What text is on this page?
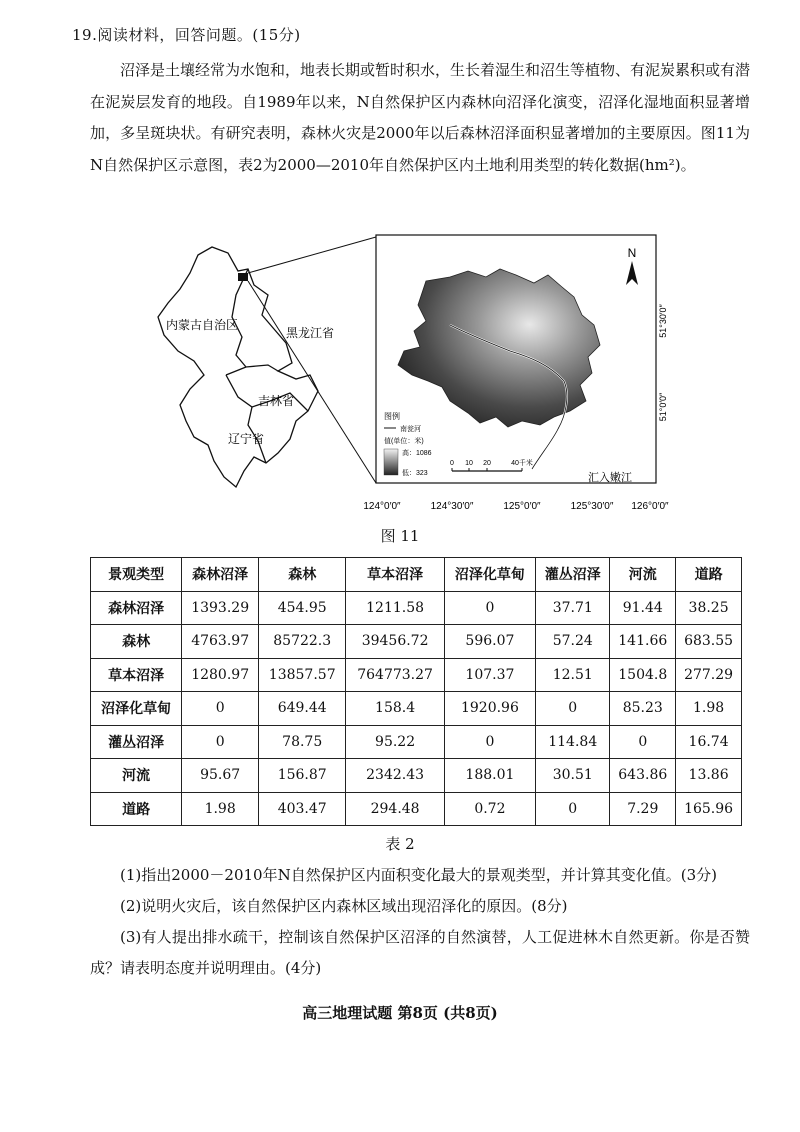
19.阅读材料，回答问题。(15分)

沼泽是土壤经常为水饱和，地表长期或暂时积水，生长着湿生和沼生等植物、有泥炭累积或有潜在泥炭层发育的地段。自1989年以来，N自然保护区内森林向沼泽化演变，沼泽化湿地面积显著增加，多呈斑块状。有研究表明，森林火灾是2000年以后森林沼泽面积显著增加的主要原因。图11为N自然保护区示意图，表2为2000—2010年自然保护区内土地利用类型的转化数据(hm²)。

内蒙古自治区
黑龙江省
吉林省
辽宁省
N
51°30′0″
51°0′0″
图例
南瓮河
值(单位：米)
高：1086
低：323
0 10 20	40千米
汇入嫩江
124°0′0″	124°30′0″	125°0′0″	125°30′0″ 126°0′0″
图 11
景观类型	森林沼泽	森林	草本沼泽	沼泽化草甸	灌丛沼泽	河流	道路
森林沼泽	1393.29	454.95	1211.58	0	37.71	91.44	38.25
森林	4763.97	85722.3	39456.72	596.07	57.24	141.66	683.55
草本沼泽	1280.97	13857.57	764773.27	107.37	12.51	1504.8	277.29
沼泽化草甸	0	649.44	158.4	1920.96	0	85.23	1.98
灌丛沼泽	0	78.75	95.22	0	114.84	0	16.74
河流	95.67	156.87	2342.43	188.01	30.51	643.86	13.86
道路	1.98	403.47	294.48	0.72	0	7.29	165.96
表 2

(1)指出2000－2010年N自然保护区内面积变化最大的景观类型，并计算其变化值。(3分)

(2)说明火灾后，该自然保护区内森林区域出现沼泽化的原因。(8分)

(3)有人提出排水疏干，控制该自然保护区沼泽的自然演替，人工促进林木自然更新。你是否赞成？请表明态度并说明理由。(4分)

高三地理试题 第8页 (共8页)
